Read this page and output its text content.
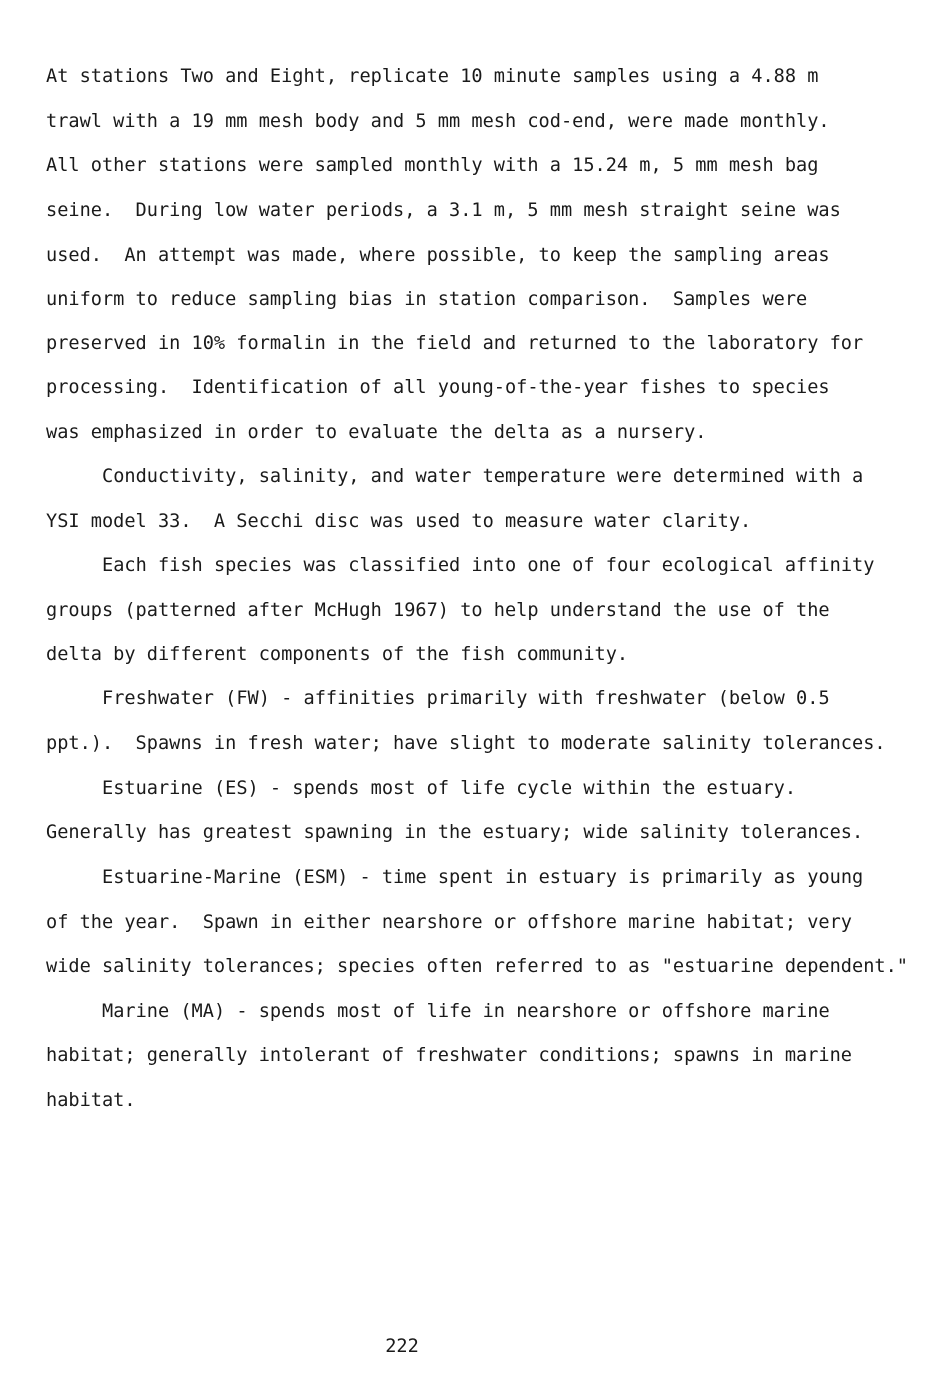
At stations Two and Eight, replicate 10 minute samples using a 4.88 m
trawl with a 19 mm mesh body and 5 mm mesh cod-end, were made monthly.
All other stations were sampled monthly with a 15.24 m, 5 mm mesh bag
seine.  During low water periods, a 3.1 m, 5 mm mesh straight seine was
used.  An attempt was made, where possible, to keep the sampling areas
uniform to reduce sampling bias in station comparison.  Samples were
preserved in 10% formalin in the field and returned to the laboratory for
processing.  Identification of all young-of-the-year fishes to species
was emphasized in order to evaluate the delta as a nursery.
Conductivity, salinity, and water temperature were determined with a
YSI model 33.  A Secchi disc was used to measure water clarity.
Each fish species was classified into one of four ecological affinity
groups (patterned after McHugh 1967) to help understand the use of the
delta by different components of the fish community.
Freshwater (FW) - affinities primarily with freshwater (below 0.5
ppt.).  Spawns in fresh water; have slight to moderate salinity tolerances.
Estuarine (ES) - spends most of life cycle within the estuary.
Generally has greatest spawning in the estuary; wide salinity tolerances.
Estuarine-Marine (ESM) - time spent in estuary is primarily as young
of the year.  Spawn in either nearshore or offshore marine habitat; very
wide salinity tolerances; species often referred to as "estuarine dependent."
Marine (MA) - spends most of life in nearshore or offshore marine
habitat; generally intolerant of freshwater conditions; spawns in marine
habitat.
222
